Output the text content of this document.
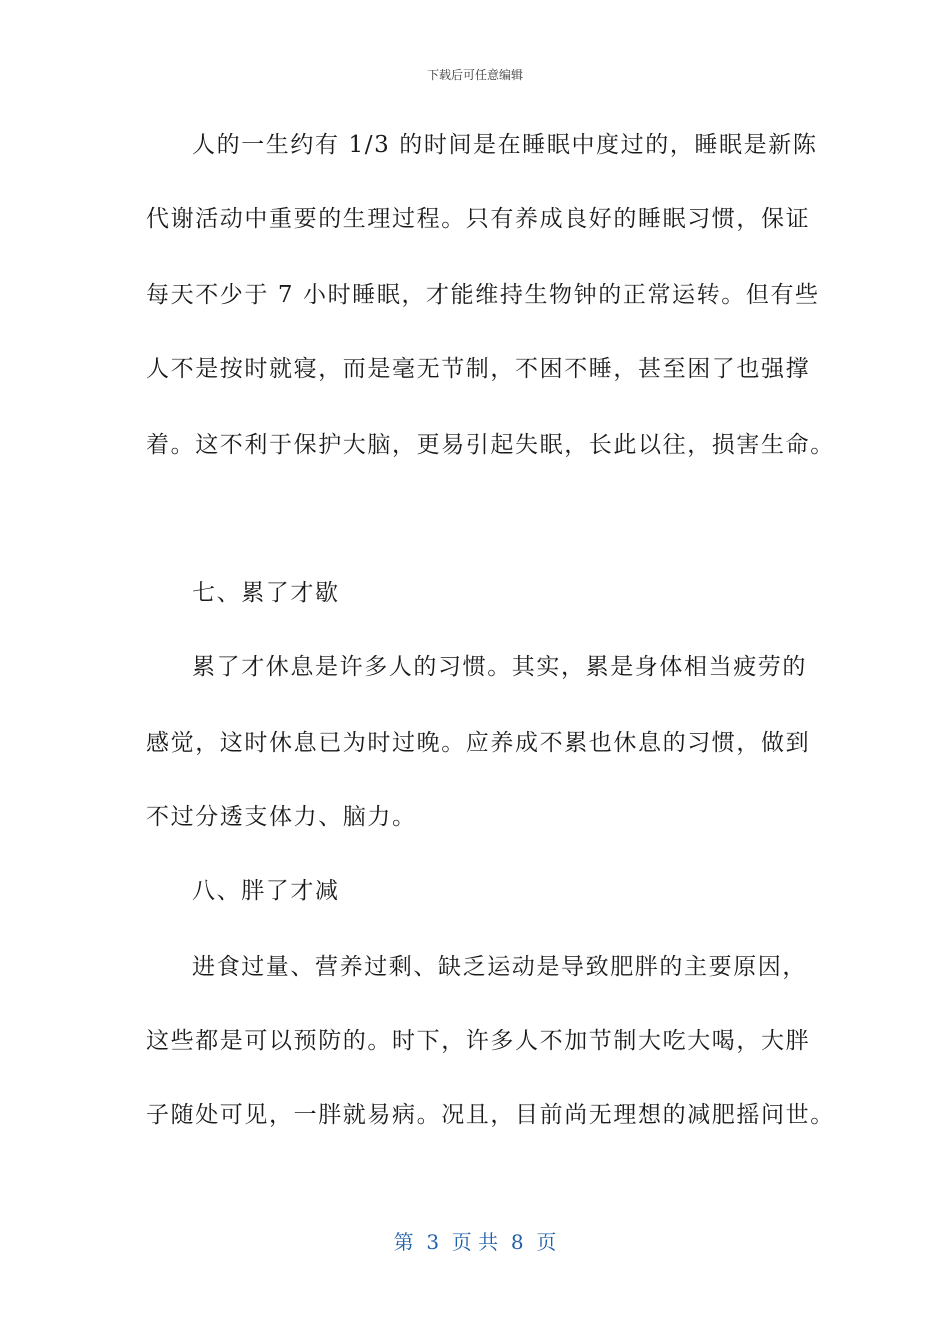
下载后可任意编辑
人的一生约有 1/3 的时间是在睡眠中度过的，睡眠是新陈
代谢活动中重要的生理过程。只有养成良好的睡眠习惯，保证
每天不少于 7 小时睡眠，才能维持生物钟的正常运转。但有些
人不是按时就寝，而是毫无节制，不困不睡，甚至困了也强撑
着。这不利于保护大脑，更易引起失眠，长此以往，损害生命。
七、累了才歇
累了才休息是许多人的习惯。其实，累是身体相当疲劳的
感觉，这时休息已为时过晚。应养成不累也休息的习惯，做到
不过分透支体力、脑力。
八、胖了才减
进食过量、营养过剩、缺乏运动是导致肥胖的主要原因，
这些都是可以预防的。时下，许多人不加节制大吃大喝，大胖
子随处可见，一胖就易病。况且，目前尚无理想的减肥摇问世。
第  3  页 共  8  页
